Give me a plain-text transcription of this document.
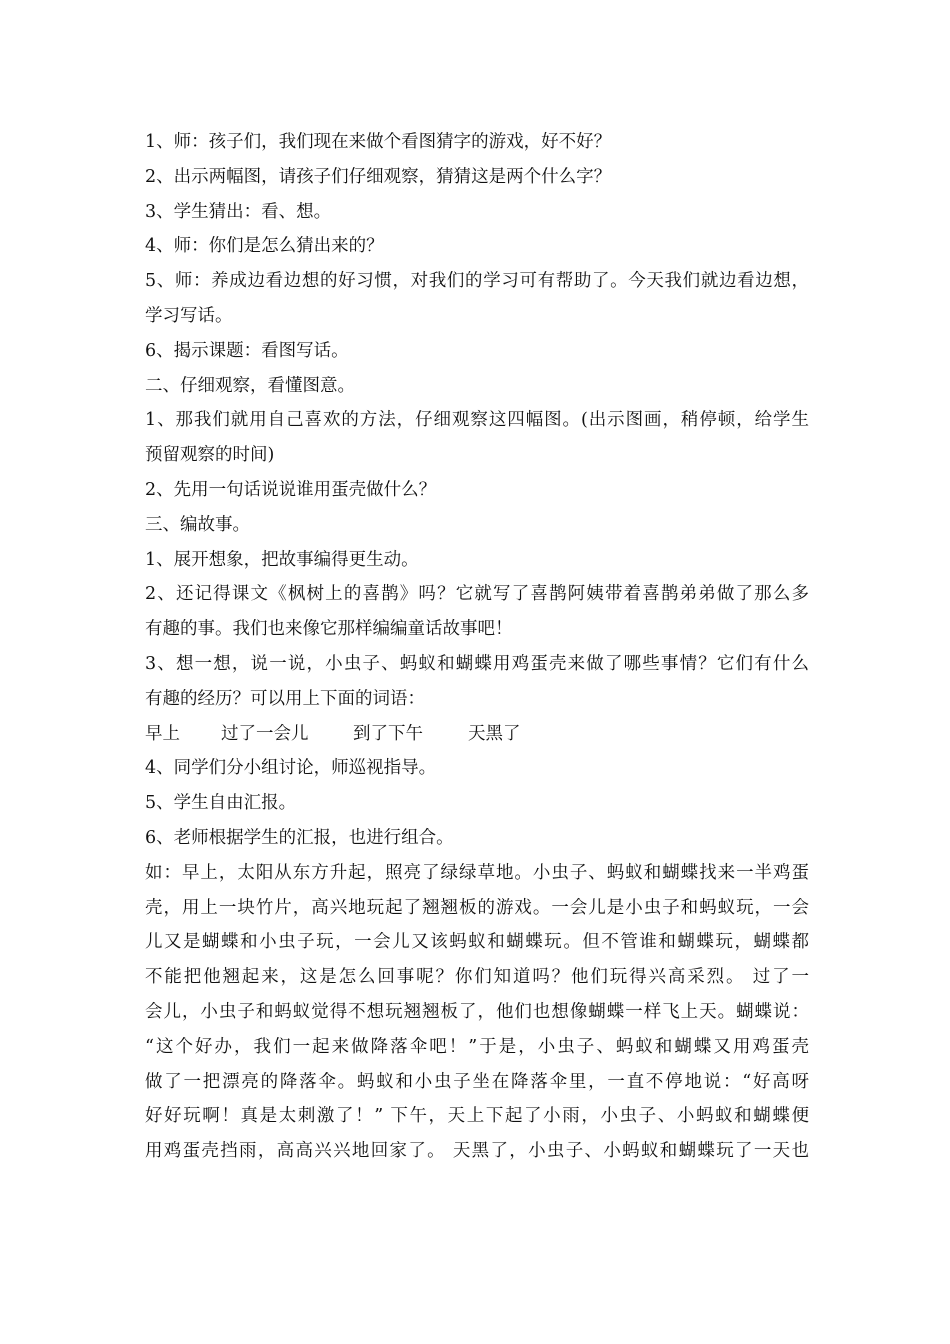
1、师：孩子们，我们现在来做个看图猜字的游戏，好不好？
2、出示两幅图，请孩子们仔细观察，猜猜这是两个什么字？
3、学生猜出：看、想。
4、师：你们是怎么猜出来的？
5、师：养成边看边想的好习惯，对我们的学习可有帮助了。今天我们就边看边想，
学习写话。
6、揭示课题：看图写话。
二、仔细观察，看懂图意。
1、那我们就用自己喜欢的方法，仔细观察这四幅图。(出示图画，稍停顿，给学生
预留观察的时间)
2、先用一句话说说谁用蛋壳做什么？
三、编故事。
1、展开想象，把故事编得更生动。
2、还记得课文《枫树上的喜鹊》吗？它就写了喜鹊阿姨带着喜鹊弟弟做了那么多
有趣的事。我们也来像它那样编编童话故事吧！
3、想一想，说一说，小虫子、蚂蚁和蝴蝶用鸡蛋壳来做了哪些事情？它们有什么
有趣的经历？可以用上下面的词语：
早上 过了一会儿	到了下午	天黑了
4、同学们分小组讨论，师巡视指导。
5、学生自由汇报。
6、老师根据学生的汇报，也进行组合。
如：早上，太阳从东方升起，照亮了绿绿草地。小虫子、蚂蚁和蝴蝶找来一半鸡蛋
壳，用上一块竹片，高兴地玩起了翘翘板的游戏。一会儿是小虫子和蚂蚁玩，一会
儿又是蝴蝶和小虫子玩，一会儿又该蚂蚁和蝴蝶玩。但不管谁和蝴蝶玩，蝴蝶都
不能把他翘起来，这是怎么回事呢？你们知道吗？他们玩得兴高采烈。 过了一
会儿，小虫子和蚂蚁觉得不想玩翘翘板了，他们也想像蝴蝶一样飞上天。蝴蝶说：
“这个好办，我们一起来做降落伞吧！”于是，小虫子、蚂蚁和蝴蝶又用鸡蛋壳
做了一把漂亮的降落伞。蚂蚁和小虫子坐在降落伞里，一直不停地说：“好高呀
好好玩啊！真是太刺激了！” 下午，天上下起了小雨，小虫子、小蚂蚁和蝴蝶便
用鸡蛋壳挡雨，高高兴兴地回家了。 天黑了，小虫子、小蚂蚁和蝴蝶玩了一天也
